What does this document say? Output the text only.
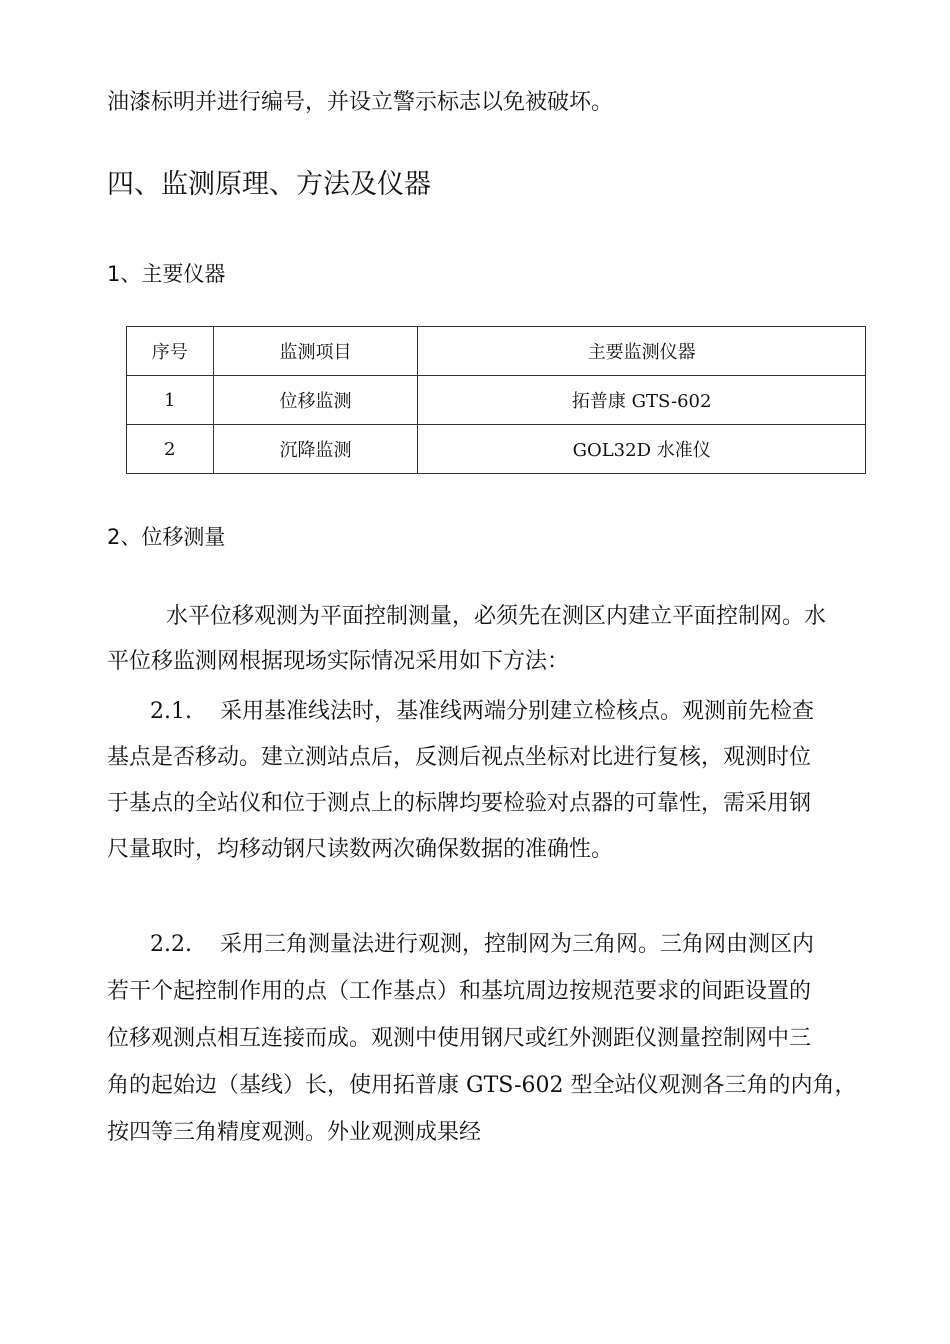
油漆标明并进行编号，并设立警示标志以免被破坏。
四、监测原理、方法及仪器
1、主要仪器
序号	监测项目	主要监测仪器
1	位移监测	拓普康 GTS-602
2	沉降监测	GOL32D 水准仪
2、位移测量
水平位移观测为平面控制测量，必须先在测区内建立平面控制网。水
平位移监测网根据现场实际情况采用如下方法：
2.1.    采用基准线法时，基准线两端分别建立检核点。观测前先检查
基点是否移动。建立测站点后，反测后视点坐标对比进行复核，观测时位
于基点的全站仪和位于测点上的标牌均要检验对点器的可靠性，需采用钢
尺量取时，均移动钢尺读数两次确保数据的准确性。
2.2.    采用三角测量法进行观测，控制网为三角网。三角网由测区内
若干个起控制作用的点（工作基点）和基坑周边按规范要求的间距设置的
位移观测点相互连接而成。观测中使用钢尺或红外测距仪测量控制网中三
角的起始边（基线）长，使用拓普康 GTS-602 型全站仪观测各三角的内角，
按四等三角精度观测。外业观测成果经
